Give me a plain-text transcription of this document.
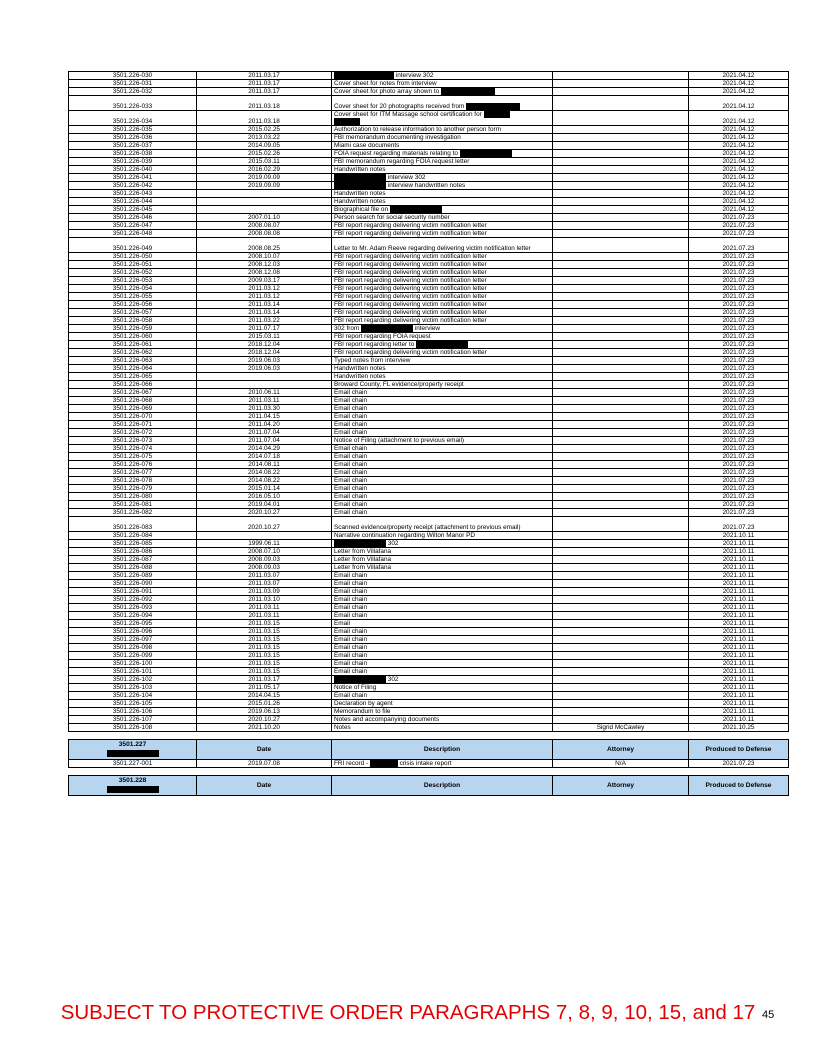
3501.226-030	2011.03.17	interview 302		2021.04.12
3501.226-031	2011.03.17	Cover sheet for notes from interview		2021.04.12
3501.226-032	2011.03.17	Cover sheet for photo array shown to		2021.04.12
3501.226-033	2011.03.18	Cover sheet for 20 photographs received from		2021.04.12
3501.226-034	2011.03.18	Cover sheet for ITM Massage school certification for		2021.04.12
3501.226-035	2015.02.25	Authorization to release information to another person form		2021.04.12
3501.226-036	2013.03.22	FBI memorandum documenting investigation		2021.04.12
3501.226-037	2014.09.05	Miami case documents		2021.04.12
3501.226-038	2015.02.26	FOIA request regarding materials relating to		2021.04.12
3501.226-039	2015.03.11	FBI memorandum regarding FOIA request letter		2021.04.12
3501.226-040	2016.02.29	Handwritten notes		2021.04.12
3501.226-041	2019.09.09	interview 302		2021.04.12
3501.226-042	2019.09.09	interview handwritten notes		2021.04.12
3501.226-043		Handwritten notes		2021.04.12
3501.226-044		Handwritten notes		2021.04.12
3501.226-045		Biographical file on		2021.04.12
3501.226-046	2007.01.10	Person search for social security number		2021.07.23
3501.226-047	2008.08.07	FBI report regarding delivering victim notification letter		2021.07.23
3501.226-048	2008.08.08	FBI report regarding delivering victim notification letter		2021.07.23
3501.226-049	2008.08.25	Letter to Mr. Adam Reeve regarding delivering victim notification letter		2021.07.23
3501.226-050	2008.10.07	FBI report regarding delivering victim notification letter		2021.07.23
3501.226-051	2008.12.03	FBI report regarding delivering victim notification letter		2021.07.23
3501.226-052	2008.12.08	FBI report regarding delivering victim notification letter		2021.07.23
3501.226-053	2009.03.17	FBI report regarding delivering victim notification letter		2021.07.23
3501.226-054	2011.03.12	FBI report regarding delivering victim notification letter		2021.07.23
3501.226-055	2011.03.12	FBI report regarding delivering victim notification letter		2021.07.23
3501.226-056	2011.03.14	FBI report regarding delivering victim notification letter		2021.07.23
3501.226-057	2011.03.14	FBI report regarding delivering victim notification letter		2021.07.23
3501.226-058	2011.03.22	FBI report regarding delivering victim notification letter		2021.07.23
3501.226-059	2011.07.17	302 from interview		2021.07.23
3501.226-060	2015.03.11	FBI report regarding FOIA request		2021.07.23
3501.226-061	2018.12.04	FBI report regarding letter to		2021.07.23
3501.226-062	2018.12.04	FBI report regarding delivering victim notification letter		2021.07.23
3501.226-063	2019.06.03	Typed notes from interview		2021.07.23
3501.226-064	2019.06.03	Handwritten notes		2021.07.23
3501.226-065		Handwritten notes		2021.07.23
3501.226-066		Broward County, FL evidence/property receipt		2021.07.23
3501.226-067	2010.06.11	Email chain		2021.07.23
3501.226-068	2011.03.11	Email chain		2021.07.23
3501.226-069	2011.03.30	Email chain		2021.07.23
3501.226-070	2011.04.15	Email chain		2021.07.23
3501.226-071	2011.04.20	Email chain		2021.07.23
3501.226-072	2011.07.04	Email chain		2021.07.23
3501.226-073	2011.07.04	Notice of Filing (attachment to previous email)		2021.07.23
3501.226-074	2014.04.29	Email chain		2021.07.23
3501.226-075	2014.07.18	Email chain		2021.07.23
3501.226-076	2014.08.11	Email chain		2021.07.23
3501.226-077	2014.08.22	Email chain		2021.07.23
3501.226-078	2014.08.22	Email chain		2021.07.23
3501.226-079	2015.01.14	Email chain		2021.07.23
3501.226-080	2016.05.10	Email chain		2021.07.23
3501.226-081	2019.04.01	Email chain		2021.07.23
3501.226-082	2020.10.27	Email chain		2021.07.23
3501.226-083	2020.10.27	Scanned evidence/property receipt (attachment to previous email)		2021.07.23
3501.226-084		Narrative continuation regarding Wilton Manor PD		2021.10.11
3501.226-085	1999.06.11	302		2021.10.11
3501.226-086	2008.07.10	Letter from Villafana		2021.10.11
3501.226-087	2008.09.03	Letter from Villafana		2021.10.11
3501.226-088	2008.09.03	Letter from Villafana		2021.10.11
3501.226-089	2011.03.07	Email chain		2021.10.11
3501.226-090	2011.03.07	Email chain		2021.10.11
3501.226-091	2011.03.09	Email chain		2021.10.11
3501.226-092	2011.03.10	Email chain		2021.10.11
3501.226-093	2011.03.11	Email chain		2021.10.11
3501.226-094	2011.03.11	Email chain		2021.10.11
3501.226-095	2011.03.15	Email		2021.10.11
3501.226-096	2011.03.15	Email chain		2021.10.11
3501.226-097	2011.03.15	Email chain		2021.10.11
3501.226-098	2011.03.15	Email chain		2021.10.11
3501.226-099	2011.03.15	Email chain		2021.10.11
3501.226-100	2011.03.15	Email chain		2021.10.11
3501.226-101	2011.03.15	Email chain		2021.10.11
3501.226-102	2011.03.17	302		2021.10.11
3501.226-103	2011.05.17	Notice of Filing		2021.10.11
3501.226-104	2014.04.15	Email chain		2021.10.11
3501.226-105	2015.01.26	Declaration by agent		2021.10.11
3501.226-106	2019.06.13	Memorandum to file		2021.10.11
3501.226-107	2020.10.27	Notes and accompanying documents		2021.10.11
3501.226-108	2021.10.20	Notes	Sigrid McCawley	2021.10.25

3501.227	Date	Description	Attorney	Produced to Defense
3501.227-001	2019.07.08	FRI record - crisis intake report	N/A	2021.07.23

3501.228	Date	Description	Attorney	Produced to Defense
SUBJECT TO PROTECTIVE ORDER PARAGRAPHS 7, 8, 9, 10, 15, and 17 45
